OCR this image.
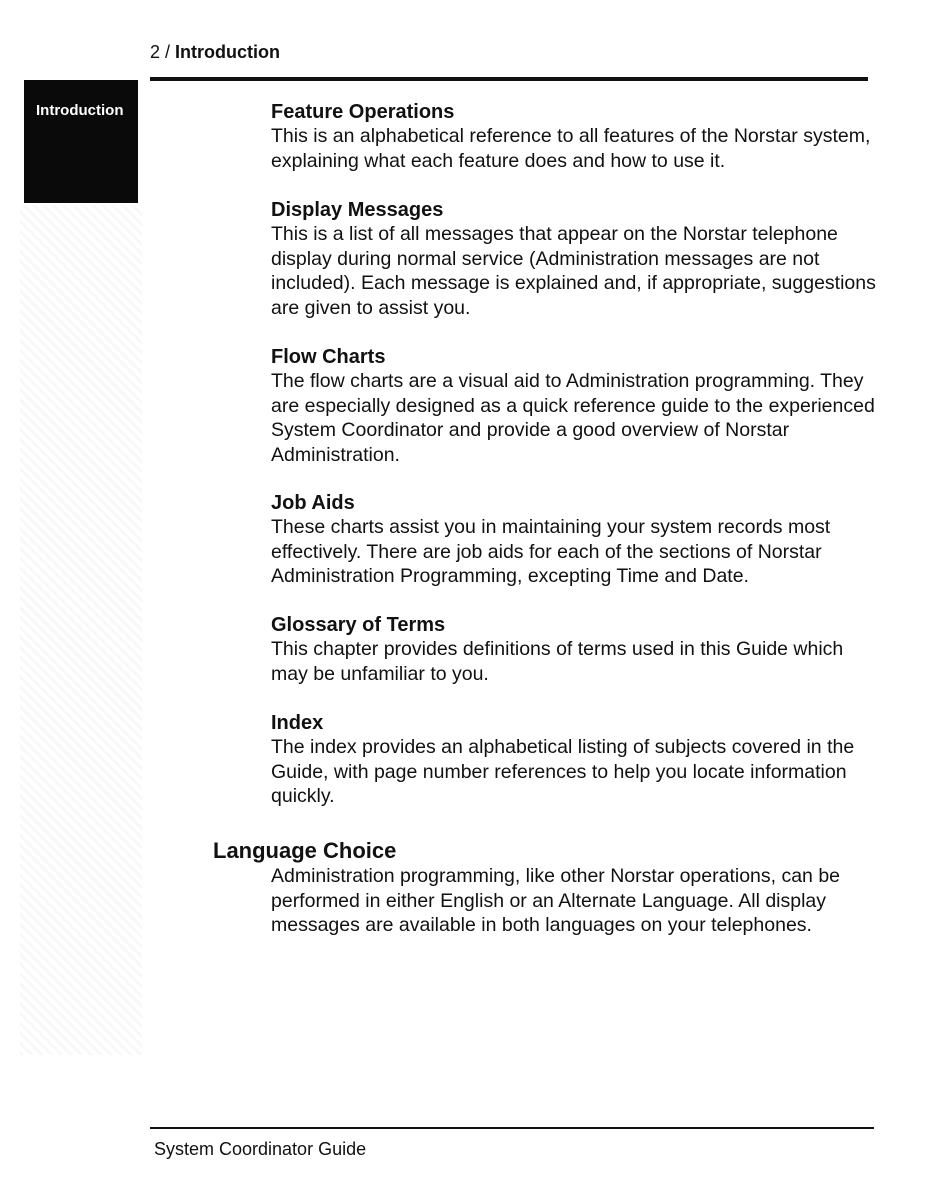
2 / Introduction
Introduction	Feature Operations

This is an alphabetical reference to all features of the Norstar system, explaining what each feature does and how to use it.

Display Messages

This is a list of all messages that appear on the Norstar telephone display during normal service (Administration messages are not included). Each message is explained and, if appropriate, suggestions are given to assist you.

Flow Charts

The flow charts are a visual aid to Administration programming. They are especially designed as a quick reference guide to the experienced System Coordinator and provide a good overview of Norstar Administration.

Job Aids

These charts assist you in maintaining your system records most effectively. There are job aids for each of the sections of Norstar Administration Programming, excepting Time and Date.

Glossary of Terms

This chapter provides definitions of terms used in this Guide which may be unfamiliar to you.

Index

The index provides an alphabetical listing of subjects covered in the Guide, with page number references to help you locate information quickly.

Language Choice

Administration programming, like other Norstar operations, can be performed in either English or an Alternate Language. All display messages are available in both languages on your telephones.

System Coordinator Guide
